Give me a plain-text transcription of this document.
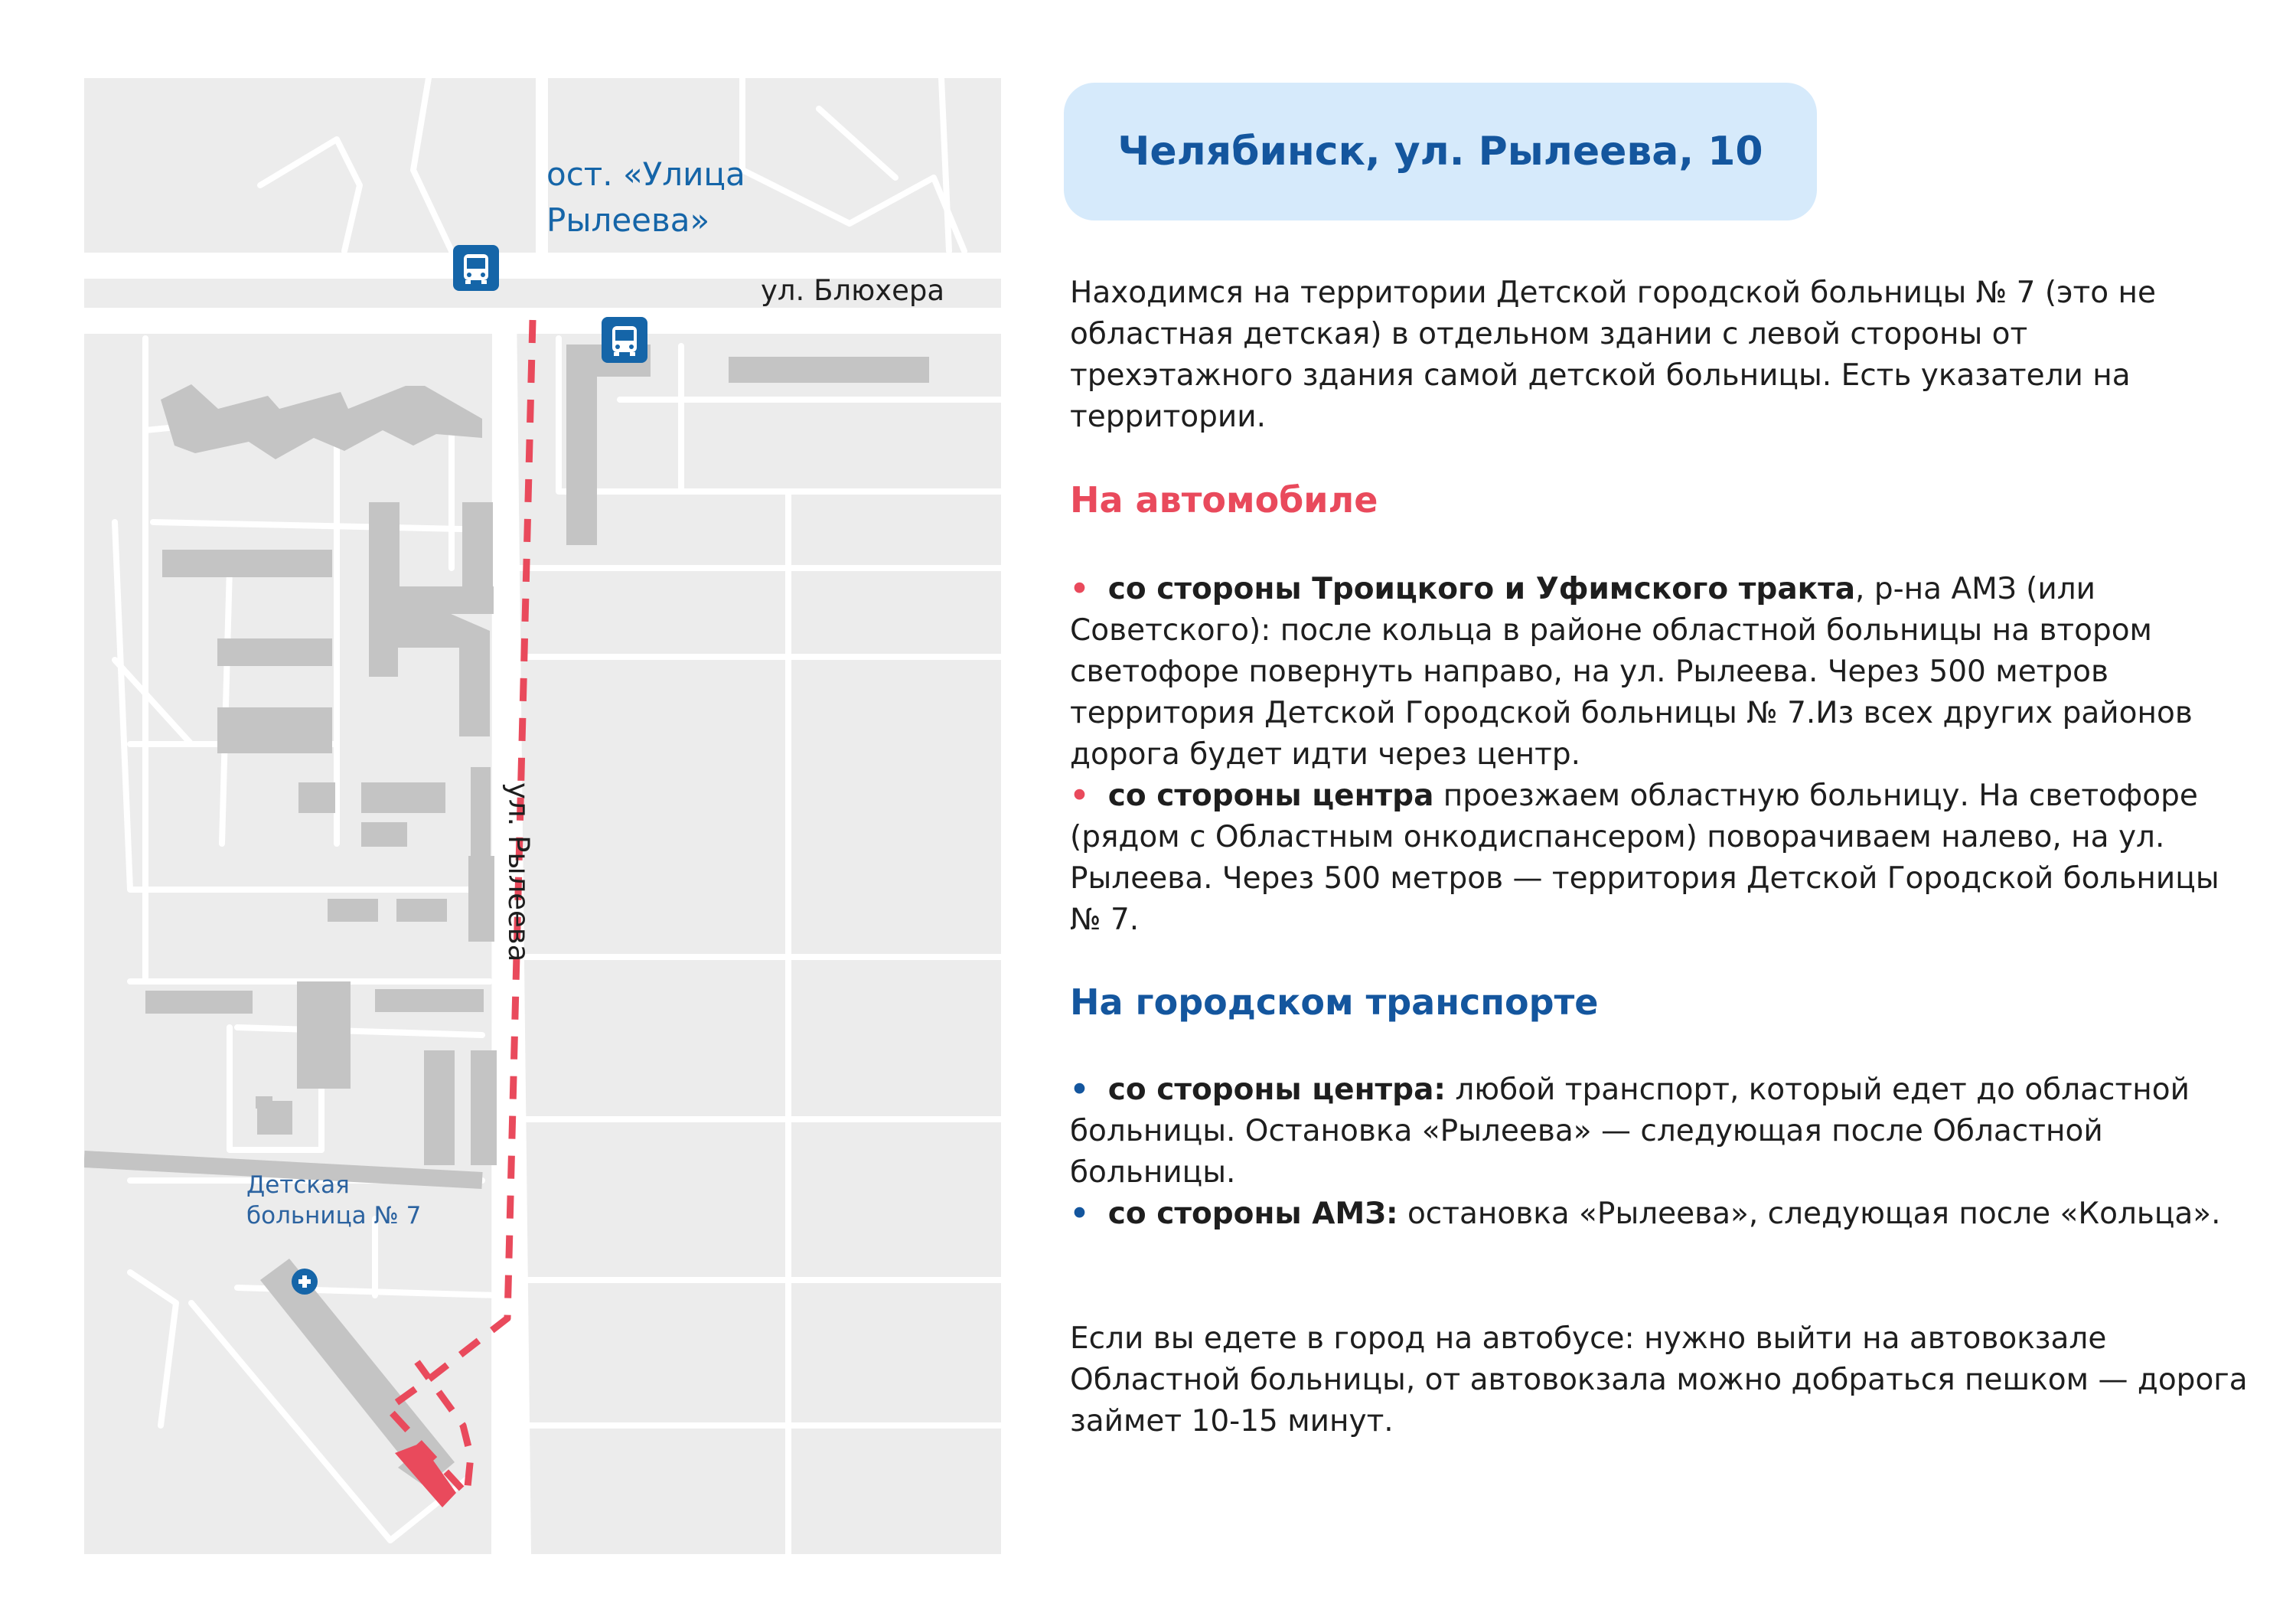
ост. «Улица
Рылеева»
ул. Блюхера
ул. Рылеева
Детская
больница № 7
Челябинск, ул. Рылеева, 10

Находимся на территории Детской городской больницы № 7 (это не областная детская) в отдельном здании с левой стороны от трехэтажного здания самой детской больницы. Есть указатели на территории.

На автомобиле

• со стороны Троицкого и Уфимского тракта, р-на АМЗ (или Советского): после кольца в районе областной больницы на втором светофоре повернуть направо, на ул. Рылеева. Через 500 метров территория Детской Городской больницы № 7.Из всех других районов дорога будет идти через центр.

• со стороны центра проезжаем областную больницу. На светофоре (рядом с Областным онкодиспансером) поворачиваем налево, на ул. Рылеева. Через 500 метров — территория Детской Городской больницы № 7.

На городском транспорте

• со стороны центра: любой транспорт, который едет до областной больницы. Остановка «Рылеева» — следующая после Областной больницы.

• со стороны АМЗ: остановка «Рылеева», следующая после «Кольца».

Если вы едете в город на автобусе: нужно выйти на автовокзале Областной больницы, от автовокзала можно добраться пешком — дорога займет 10-15 минут.
